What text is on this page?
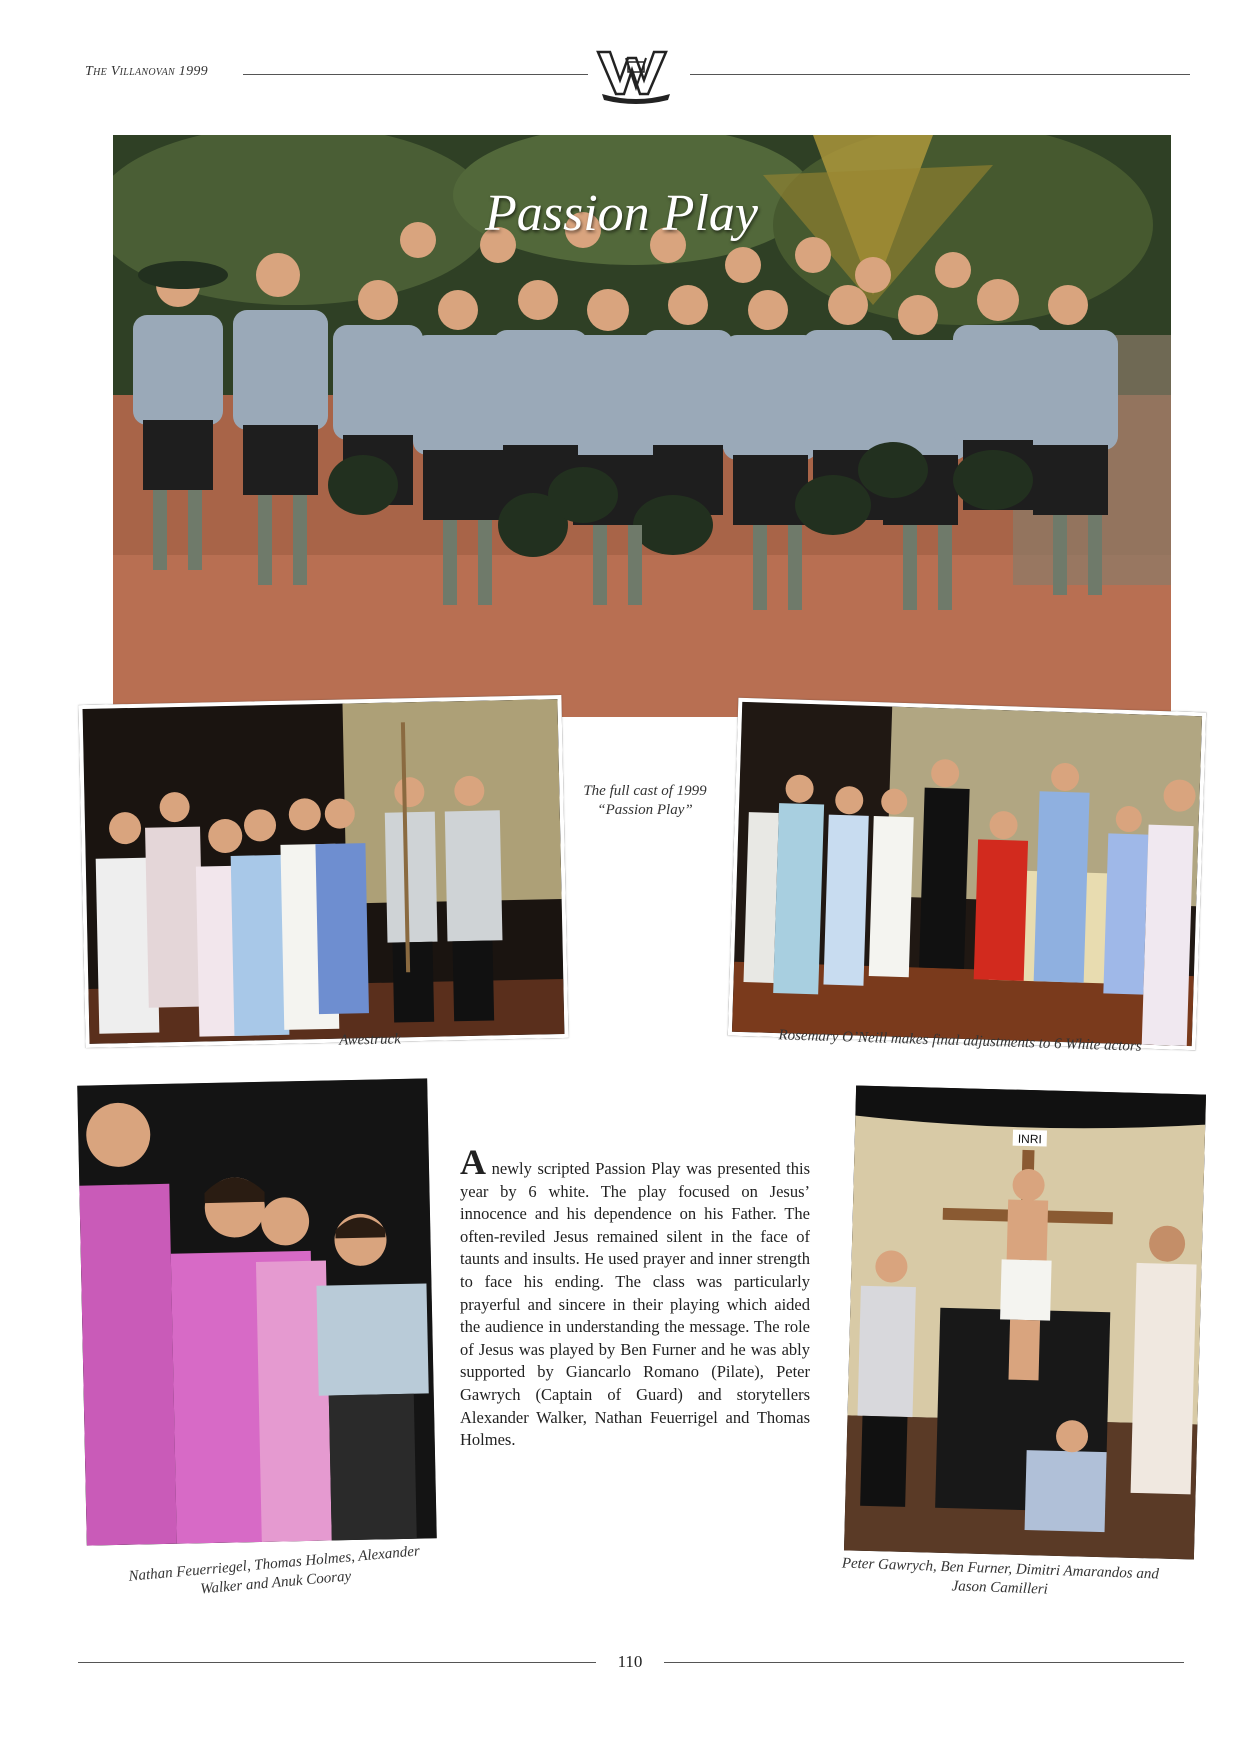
The Villanovan 1999
Passion Play
Awestruck
The full cast of 1999 “Passion Play”
Rosemary O’Neill makes final adjustments to 6 White actors
Nathan Feuerriegel, Thomas Holmes, Alexander Walker and Anuk Cooray
A newly scripted Passion Play was presented this year by 6 white. The play focused on Jesus’ innocence and his dependence on his Father. The often-reviled Jesus remained silent in the face of taunts and insults. He used prayer and inner strength to face his ending. The class was particularly prayerful and sincere in their playing which aided the audience in understanding the message. The role of Jesus was played by Ben Furner and he was ably supported by Giancarlo Romano (Pilate), Peter Gawrych (Captain of Guard) and storytellers Alexander Walker, Nathan Feuerrigel and Thomas Holmes.
INRI
Peter Gawrych, Ben Furner, Dimitri Amarandos and Jason Camilleri
110
